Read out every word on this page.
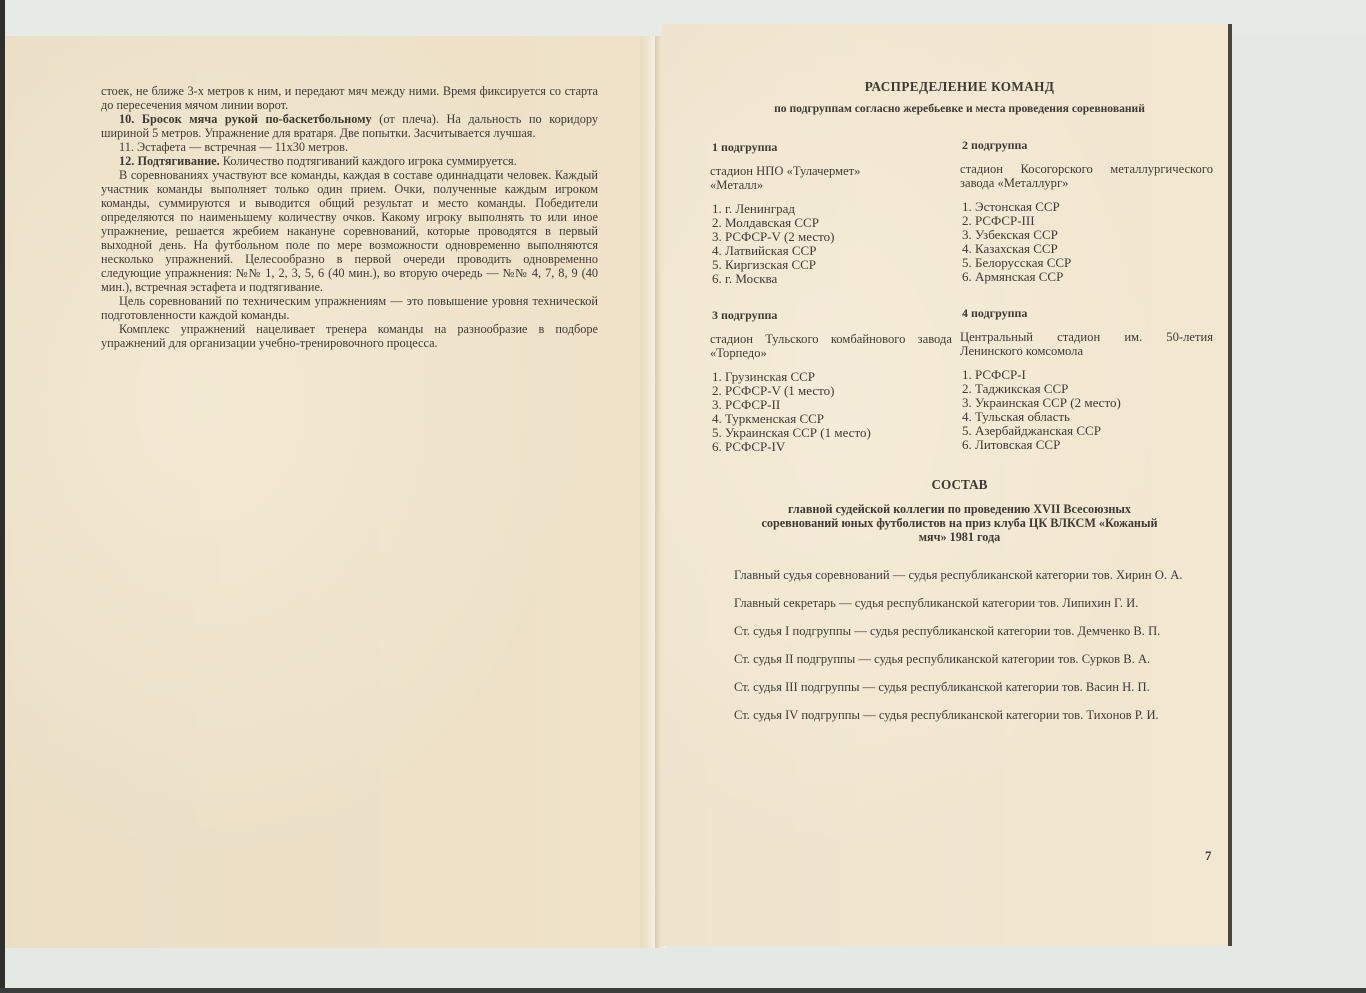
стоек, не ближе 3-х метров к ним, и передают мяч между ними. Время фиксируется со старта до пересечения мячом линии ворот.

10. Бросок мяча рукой по-баскетбольному (от плеча). На дальность по коридору шириной 5 метров. Упражнение для вратаря. Две попытки. Засчитывается лучшая.

11. Эстафета — встречная — 11х30 метров.

12. Подтягивание. Количество подтягиваний каждого игрока суммируется.

В соревнованиях участвуют все команды, каждая в составе одиннадцати человек. Каждый участник команды выполняет только один прием. Очки, полученные каждым игроком команды, суммируются и выводится общий результат и место команды. Победители определяются по наименьшему количеству очков. Какому игроку выполнять то или иное упражнение, решается жребием накануне соревнований, которые проводятся в первый выходной день. На футбольном поле по мере возможности одновременно выполняются несколько упражнений. Целесообразно в первой очереди проводить одновременно следующие упражнения: №№ 1, 2, 3, 5, 6 (40 мин.), во вторую очередь — №№ 4, 7, 8, 9 (40 мин.), встречная эстафета и подтягивание.

Цель соревнований по техническим упражнениям — это повышение уровня технической подготовленности каждой команды.

Комплекс упражнений нацеливает тренера команды на разнообразие в подборе упражнений для организации учебно-тренировочного процесса.

РАСПРЕДЕЛЕНИЕ КОМАНД
по подгруппам согласно жеребьевке и места проведения соревнований
1 подгруппа
стадион НПО «Тулачермет» «Металл»
1. г. Ленинград
2. Молдавская ССР
3. РСФСР-V (2 место)
4. Латвийская ССР
5. Киргизская ССР
6. г. Москва
2 подгруппа
стадион Косогорского металлургического завода «Металлург»
1. Эстонская ССР
2. РСФСР-III
3. Узбекская ССР
4. Казахская ССР
5. Белорусская ССР
6. Армянская ССР
3 подгруппа
стадион Тульского комбайнового завода «Торпедо»
1. Грузинская ССР
2. РСФСР-V (1 место)
3. РСФСР-II
4. Туркменская ССР
5. Украинская ССР (1 место)
6. РСФСР-IV
4 подгруппа
Центральный стадион им. 50-летия Ленинского комсомола
1. РСФСР-I
2. Таджикская ССР
3. Украинская ССР (2 место)
4. Тульская область
5. Азербайджанская ССР
6. Литовская ССР
СОСТАВ
главной судейской коллегии по проведению XVII Всесоюзных соревнований юных футболистов на приз клуба ЦК ВЛКСМ «Кожаный мяч» 1981 года

Главный судья соревнований — судья республиканской категории тов. Хирин О. А.

Главный секретарь — судья республиканской категории тов. Липихин Г. И.

Ст. судья I подгруппы — судья республиканской категории тов. Демченко В. П.

Ст. судья II подгруппы — судья республиканской категории тов. Сурков В. А.

Ст. судья III подгруппы — судья республиканской категории тов. Васин Н. П.

Ст. судья IV подгруппы — судья республиканской категории тов. Тихонов Р. И.

7
